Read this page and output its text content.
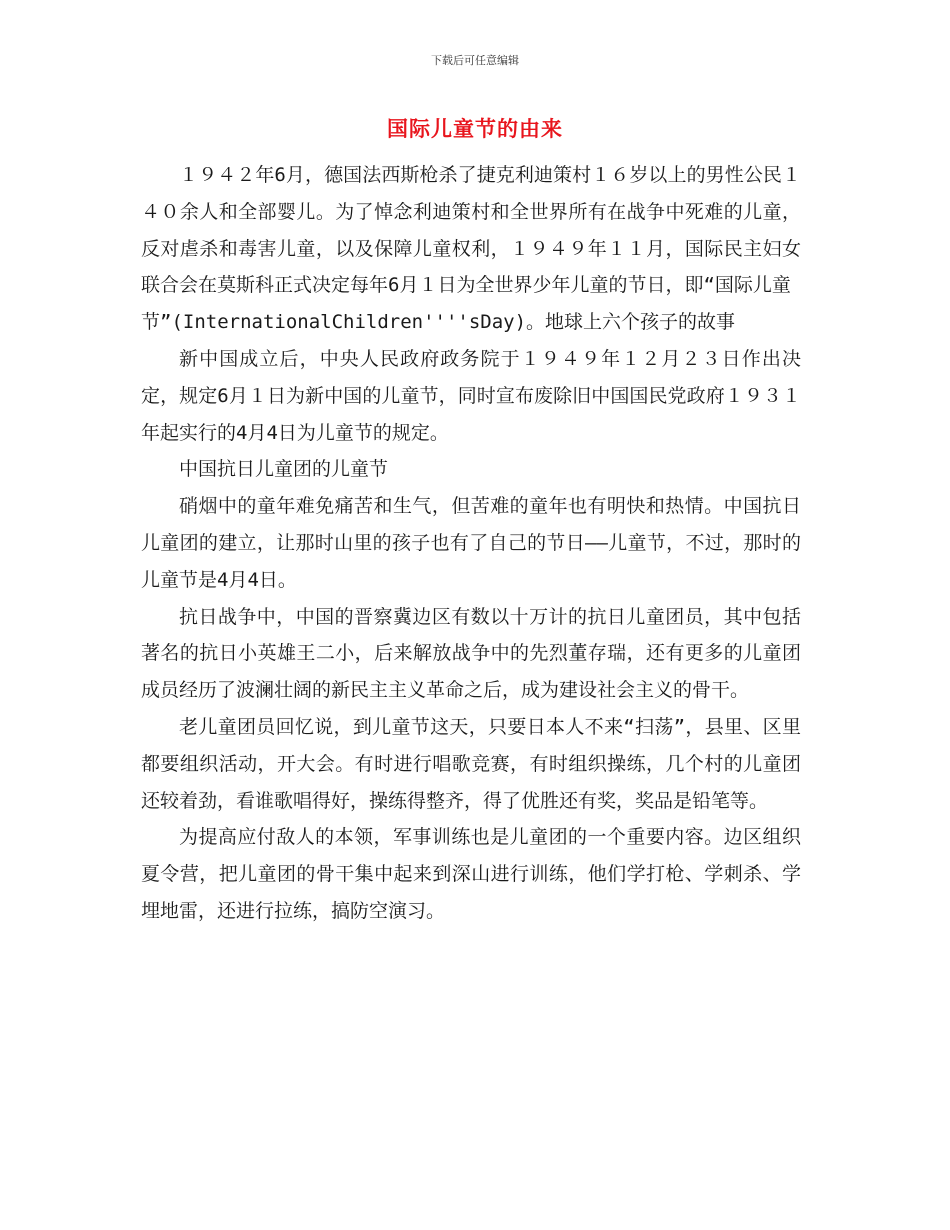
下载后可任意编辑
国际儿童节的由来

１９４２年6月，德国法西斯枪杀了捷克利迪策村１６岁以上的男性公民１４０余人和全部婴儿。为了悼念利迪策村和全世界所有在战争中死难的儿童，反对虐杀和毒害儿童，以及保障儿童权利，１９４９年１１月，国际民主妇女联合会在莫斯科正式决定每年6月１日为全世界少年儿童的节日，即“国际儿童

节”(InternationalChildren''''sDay)。地球上六个孩子的故事

新中国成立后，中央人民政府政务院于１９４９年１２月２３日作出决定，规定6月１日为新中国的儿童节，同时宣布废除旧中国国民党政府１９３１年起实行的4月4日为儿童节的规定。

中国抗日儿童团的儿童节

硝烟中的童年难免痛苦和生气，但苦难的童年也有明快和热情。中国抗日儿童团的建立，让那时山里的孩子也有了自己的节日——儿童节，不过，那时的儿童节是4月4日。

抗日战争中，中国的晋察冀边区有数以十万计的抗日儿童团员，其中包括著名的抗日小英雄王二小，后来解放战争中的先烈董存瑞，还有更多的儿童团成员经历了波澜壮阔的新民主主义革命之后，成为建设社会主义的骨干。

老儿童团员回忆说，到儿童节这天，只要日本人不来“扫荡”，县里、区里都要组织活动，开大会。有时进行唱歌竞赛，有时组织操练，几个村的儿童团还较着劲，看谁歌唱得好，操练得整齐，得了优胜还有奖，奖品是铅笔等。

为提高应付敌人的本领，军事训练也是儿童团的一个重要内容。边区组织夏令营，把儿童团的骨干集中起来到深山进行训练，他们学打枪、学刺杀、学埋地雷，还进行拉练，搞防空演习。
